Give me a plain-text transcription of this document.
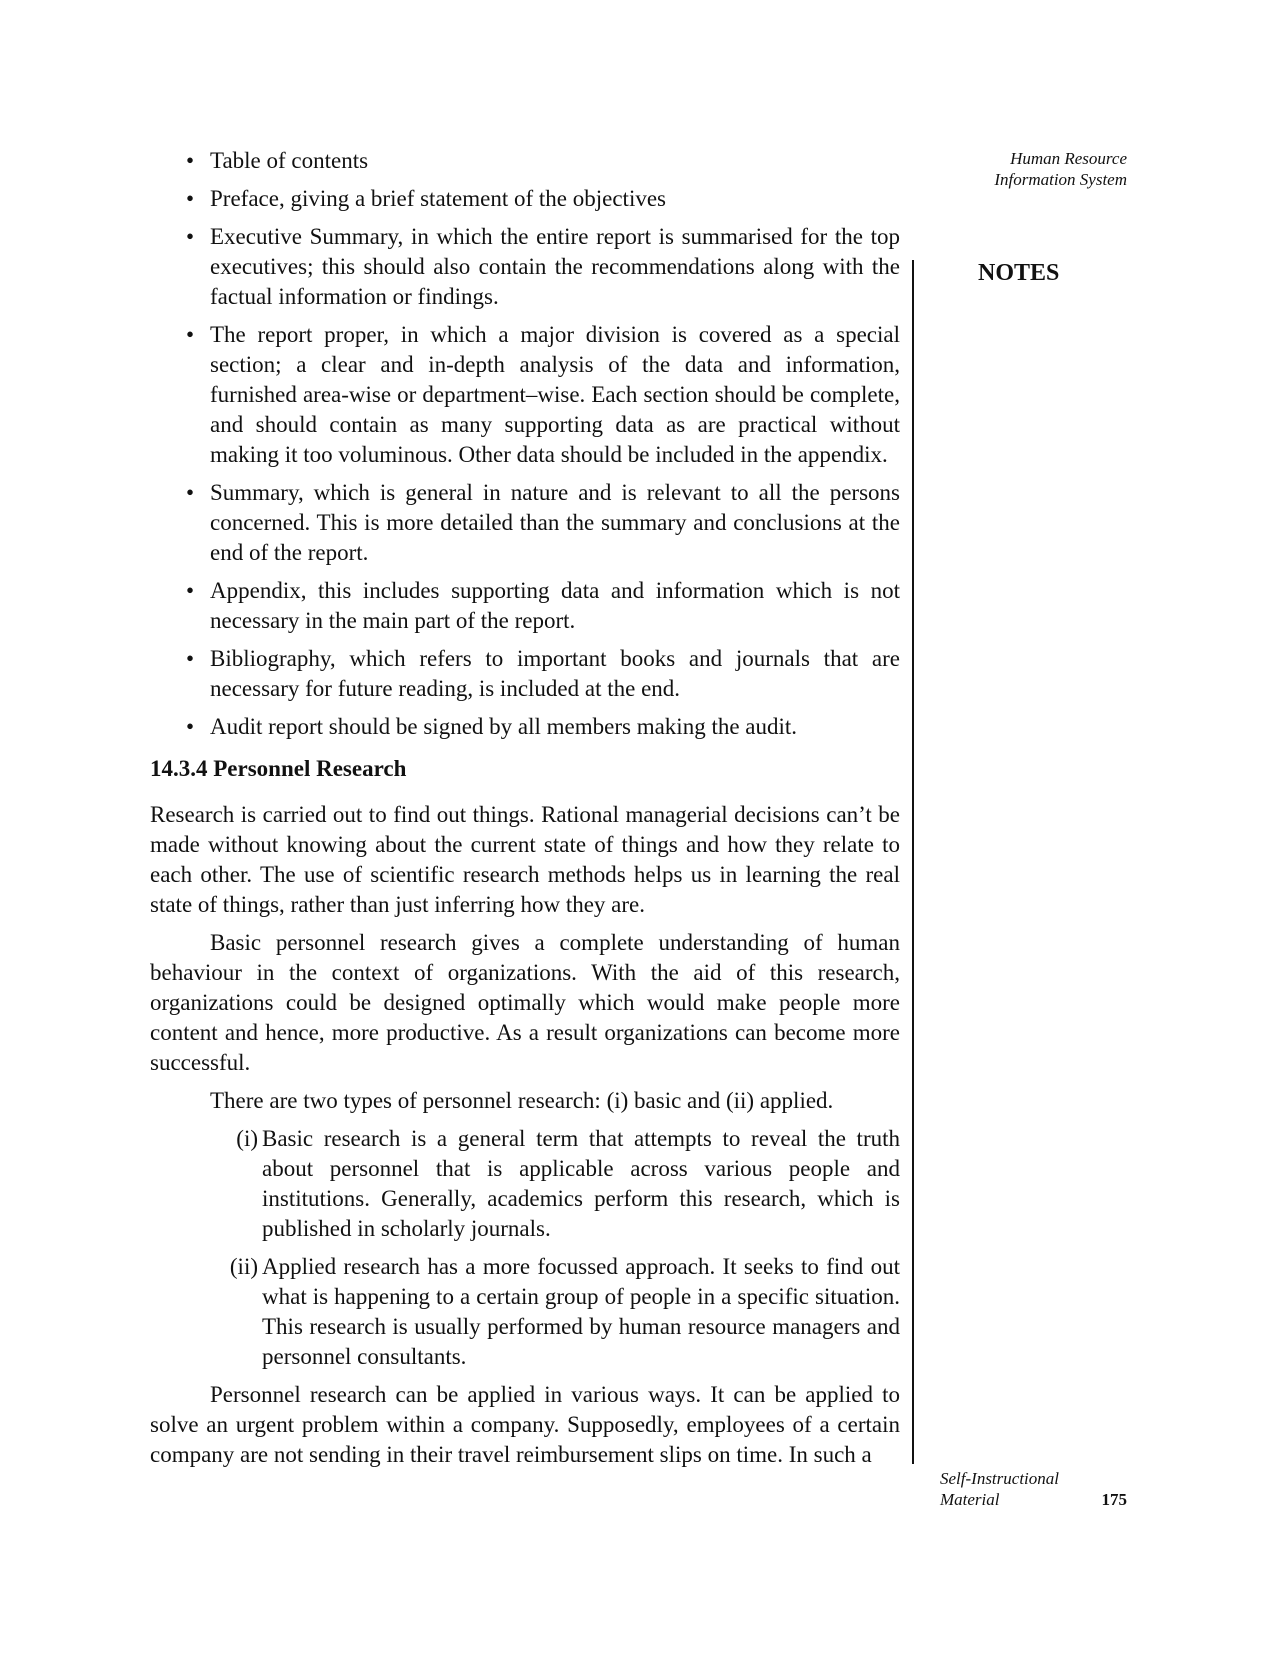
Human Resource
Information System
NOTES
• Table of contents
• Preface, giving a brief statement of the objectives
• Executive Summary, in which the entire report is summarised for the top executives; this should also contain the recommendations along with the factual information or findings.
• The report proper, in which a major division is covered as a special section; a clear and in-depth analysis of the data and information, furnished area-wise or department–wise. Each section should be complete, and should contain as many supporting data as are practical without making it too voluminous. Other data should be included in the appendix.
• Summary, which is general in nature and is relevant to all the persons concerned. This is more detailed than the summary and conclusions at the end of the report.
• Appendix, this includes supporting data and information which is not necessary in the main part of the report.
• Bibliography, which refers to important books and journals that are necessary for future reading, is included at the end.
• Audit report should be signed by all members making the audit.
14.3.4 Personnel Research

Research is carried out to find out things. Rational managerial decisions can’t be made without knowing about the current state of things and how they relate to each other. The use of scientific research methods helps us in learning the real state of things, rather than just inferring how they are.

Basic personnel research gives a complete understanding of human behaviour in the context of organizations. With the aid of this research, organizations could be designed optimally which would make people more content and hence, more productive. As a result organizations can become more successful.

There are two types of personnel research: (i) basic and (ii) applied.

(i) Basic research is a general term that attempts to reveal the truth about personnel that is applicable across various people and institutions. Generally, academics perform this research, which is published in scholarly journals.
(ii) Applied research has a more focussed approach. It seeks to find out what is happening to a certain group of people in a specific situation. This research is usually performed by human resource managers and personnel consultants.

Personnel research can be applied in various ways. It can be applied to solve an urgent problem within a company. Supposedly, employees of a certain company are not sending in their travel reimbursement slips on time. In such a

Self-Instructional
Material	175
